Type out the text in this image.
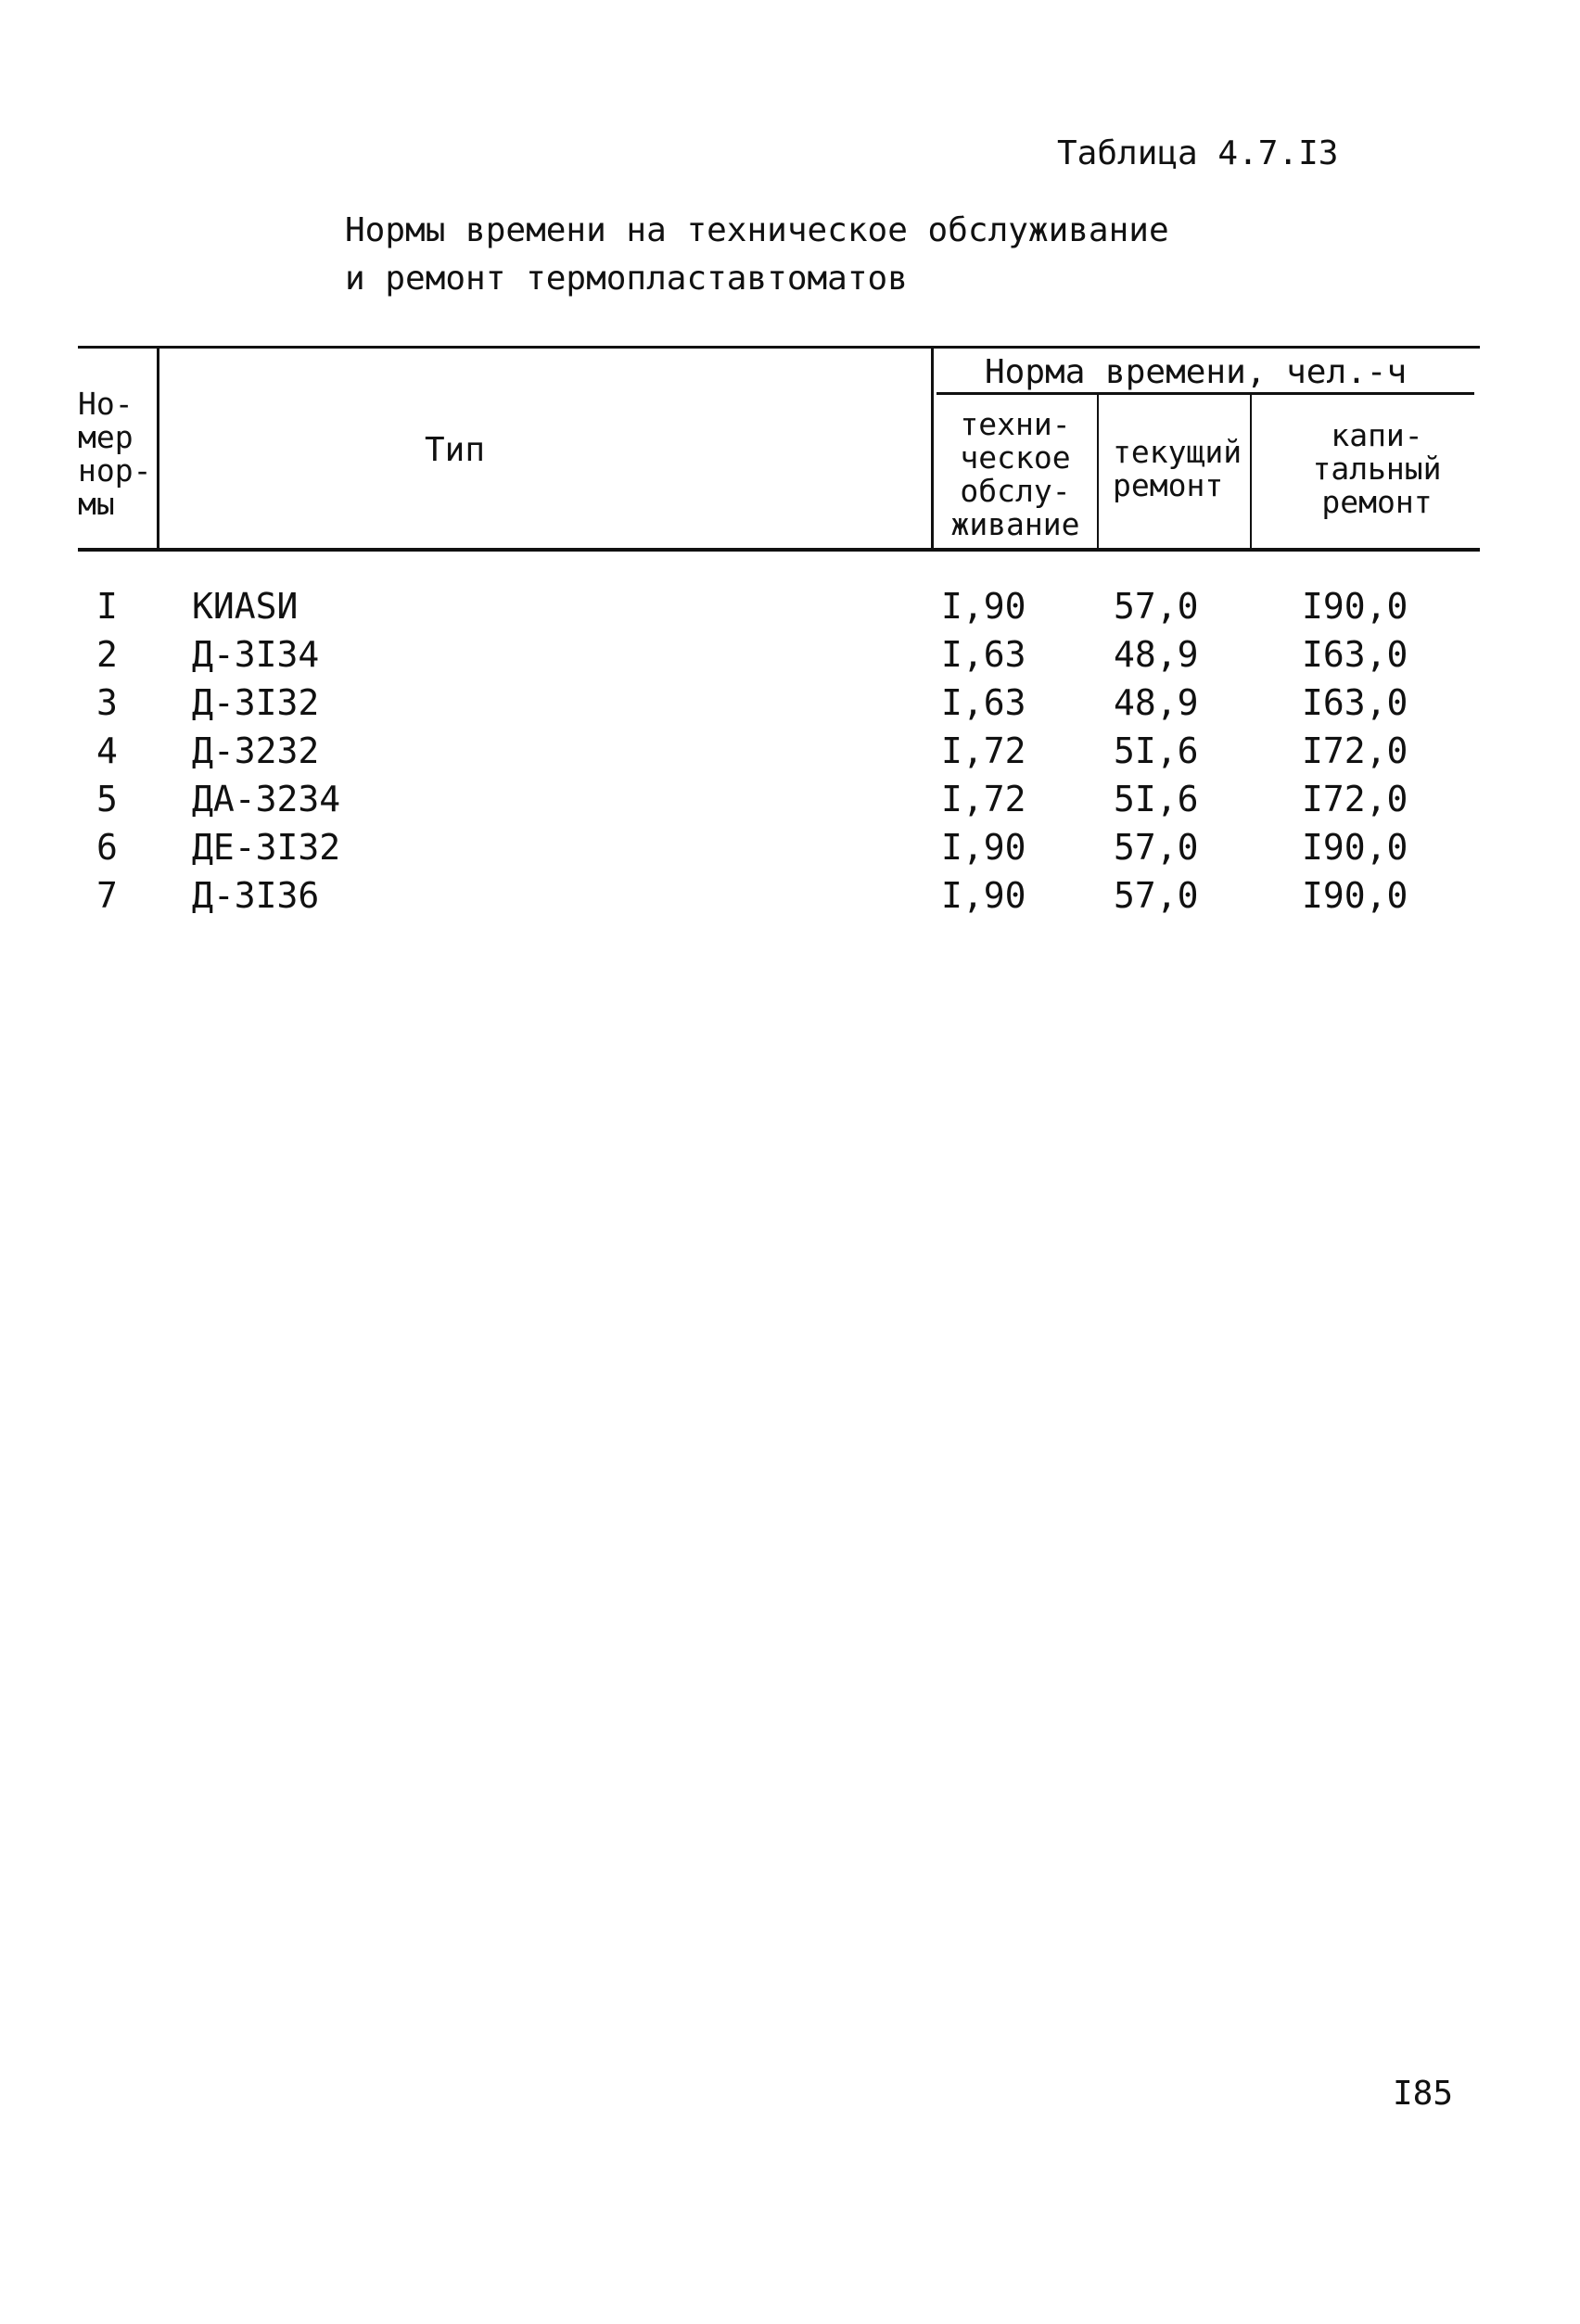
Таблица 4.7.I3
Нормы времени на техническое обслуживание
и ремонт термопластавтоматов
Но-
мер
нор-
мы
Тип
Норма времени, чел.-ч
техни-
ческое
обслу-
живание
текущий
ремонт
капи-
тальный
ремонт
I КИАSИ	I,90 57,0	I90,0
2 Д-3I34	I,63 48,9	I63,0
3 Д-3I32	I,63 48,9	I63,0
4 Д-3232	I,72 5I,6	I72,0
5 ДА-3234	I,72 5I,6	I72,0
6 ДЕ-3I32	I,90 57,0	I90,0
7 Д-3I36	I,90 57,0	I90,0
I85
